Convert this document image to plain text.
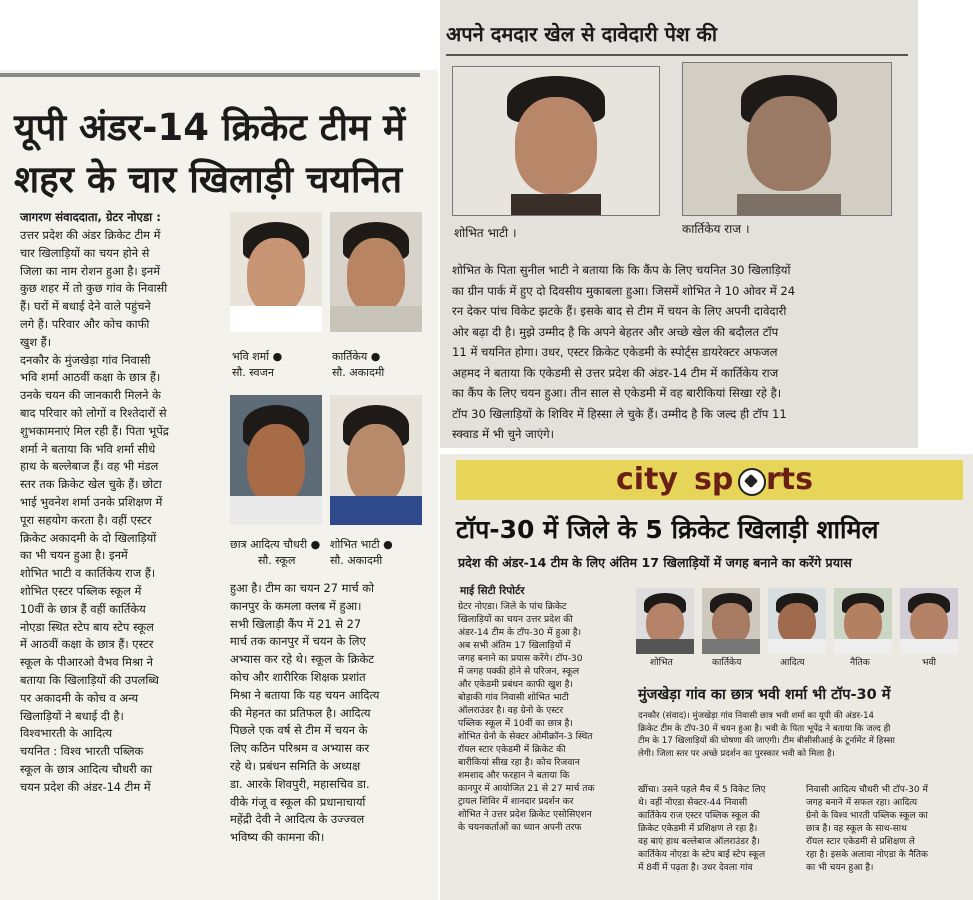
यूपी अंडर-14 क्रिकेट टीम में
शहर के चार खिलाड़ी चयनित
जागरण संवाददाता, ग्रेटर नोएडा :
उत्तर प्रदेश की अंडर क्रिकेट टीम में
चार खिलाड़ियों का चयन होने से
जिला का नाम रोशन हुआ है। इनमें
कुछ शहर में तो कुछ गांव के निवासी
हैं। घरों में बधाई देने वाले पहुंचने
लगे हैं। परिवार और कोच काफी
खुश हैं।
दनकौर के मुंजखेड़ा गांव निवासी
भवि शर्मा आठवीं कक्षा के छात्र हैं।
उनके चयन की जानकारी मिलने के
बाद परिवार को लोगों व रिश्तेदारों से
शुभकामनाएं मिल रही हैं। पिता भूपेंद्र
शर्मा ने बताया कि भवि शर्मा सीधे
हाथ के बल्लेबाज हैं। वह भी मंडल
स्तर तक क्रिकेट खेल चुके हैं। छोटा
भाई भुवनेश शर्मा उनके प्रशिक्षण में
पूरा सहयोग करता है। वहीं एस्टर
क्रिकेट अकादमी के दो खिलाड़ियों
का भी चयन हुआ है। इनमें
शोभित भाटी व कार्तिकेय राज हैं।
शोभित एस्टर पब्लिक स्कूल में
10वीं के छात्र हैं वहीं कार्तिकेय
नोएडा स्थित स्टेप बाय स्टेप स्कूल
में आठवीं कक्षा के छात्र हैं। एस्टर
स्कूल के पीआरओ वैभव मिश्रा ने
बताया कि खिलाड़ियों की उपलब्धि
पर अकादमी के कोच व अन्य
खिलाड़ियों ने बधाई दी है।
विश्वभारती के आदित्य
चयनित : विश्व भारती पब्लिक
स्कूल के छात्र आदित्य चौधरी का
चयन प्रदेश की अंडर-14 टीम में
हुआ है। टीम का चयन 27 मार्च को
कानपुर के कमला क्लब में हुआ।
सभी खिलाड़ी कैंप में 21 से 27
मार्च तक कानपुर में चयन के लिए
अभ्यास कर रहे थे। स्कूल के क्रिकेट
कोच और शारीरिक शिक्षक प्रशांत
मिश्रा ने बताया कि यह चयन आदित्य
की मेहनत का प्रतिफल है। आदित्य
पिछले एक वर्ष से टीम में चयन के
लिए कठिन परिश्रम व अभ्यास कर
रहे थे। प्रबंधन समिति के अध्यक्ष
डा. आरके शिवपुरी, महासचिव डा.
वीके गंजू व स्कूल की प्रधानाचार्या
महेंद्री देवी ने आदित्य के उज्ज्वल
भविष्य की कामना की।
भवि शर्मा ●
सौ. स्वजन
कार्तिकेय ●
सौ. अकादमी
छात्र आदित्य चौधरी ●
सौ. स्कूल
शोभित भाटी ●
सौ. अकादमी
अपने दमदार खेल से दावेदारी पेश की
शोभित भाटी ।	कार्तिकेय राज ।
शोभित के पिता सुनील भाटी ने बताया कि कि कैंप के लिए चयनित 30 खिलाड़ियों
का ग्रीन पार्क में हुए दो दिवसीय मुकाबला हुआ। जिसमें शोभित ने 10 ओवर में 24
रन देकर पांच विकेट झटके हैं। इसके बाद से टीम में चयन के लिए अपनी दावेदारी
ओर बढ़ा दी है। मुझे उम्मीद है कि अपने बेहतर और अच्छे खेल की बदौलत टॉप
11 में चयनित होगा। उधर, एस्टर क्रिकेट एकेडमी के स्पोर्ट्स डायरेक्टर अफजल
अहमद ने बताया कि एकेडमी से उत्तर प्रदेश की अंडर-14 टीम में कार्तिकेय राज
का कैंप के लिए चयन हुआ। तीन साल से एकेडमी में वह बारीकियां सिखा रहे है।
टॉप 30 खिलाड़ियों के शिविर में हिस्सा ले चुके हैं। उम्मीद है कि जल्द ही टॉप 11
स्क्वाड में भी चुने जाएंगे।
city sp rts
टॉप-30 में जिले के 5 क्रिकेट खिलाड़ी शामिल
प्रदेश की अंडर-14 टीम के लिए अंतिम 17 खिलाड़ियों में जगह बनाने का करेंगे प्रयास
माई सिटी रिपोर्टर
शोभित	कार्तिकेय	आदित्य	नैतिक	भवी
ग्रेटर नोएडा। जिले के पांच क्रिकेट
खिलाड़ियों का चयन उत्तर प्रदेश की
अंडर-14 टीम के टॉप-30 में हुआ है।
अब सभी अंतिम 17 खिलाड़ियों में
जगह बनाने का प्रयास करेंगे। टॉप-30
में जगह पक्की होने से परिजन, स्कूल
और एकेडमी प्रबंधन काफी खुश है।
बोड़ाकी गांव निवासी शोभित भाटी
ऑलराउंडर है। वह ग्रेनो के एस्टर
पब्लिक स्कूल में 10वीं का छात्र है।
शोभित ग्रेनो के सेक्टर ओमीक्रॉन-3 स्थित
रॉयल स्टार एकेडमी में क्रिकेट की
बारीकियां सीख रहा है। कोच रिजवान
शमशाद और फरहान ने बताया कि
कानपुर में आयोजित 21 से 27 मार्च तक
ट्रायल शिविर में शानदार प्रदर्शन कर
शोभित ने उत्तर प्रदेश क्रिकेट एसोसिएशन
के चयनकर्ताओं का ध्यान अपनी तरफ
मुंजखेड़ा गांव का छात्र भवी शर्मा भी टॉप-30 में
दनकौर (संवाद)। मुंजखेड़ा गांव निवासी छात्र भवी शर्मा का यूपी की अंडर-14
क्रिकेट टीम के टॉप-30 में चयन हुआ है। भवी के पिता भूपेंद्र ने बताया कि जल्द ही
टीम के 17 खिलाड़ियों की घोषणा की जाएगी। टीम बीसीसीआई के टूर्नामेंट में हिस्सा
लेगी। जिला स्तर पर अच्छे प्रदर्शन का पुरस्कार भवी को मिला है।
खींचा। उसने पहले मैच में 5 विकेट लिए
थे। वहीं नोएडा सेक्टर-44 निवासी
कार्तिकेय राज एस्टर पब्लिक स्कूल की
क्रिकेट एकेडमी में प्रशिक्षण ले रहा है।
वह बाएं हाथ बल्लेबाज ऑलराउंडर है।
कार्तिकेय नोएडा के स्टेप बाई स्टेप स्कूल
में 8वीं में पढ़ता है। उधर देवला गांव
निवासी आदित्य चौधरी भी टॉप-30 में
जगह बनाने में सफल रहा। आदित्य
ग्रेनो के विश्व भारती पब्लिक स्कूल का
छात्र है। वह स्कूल के साथ-साथ
रॉयल स्टार एकेडमी से प्रशिक्षण ले
रहा है। इसके अलावा नोएडा के नैतिक
का भी चयन हुआ है।
